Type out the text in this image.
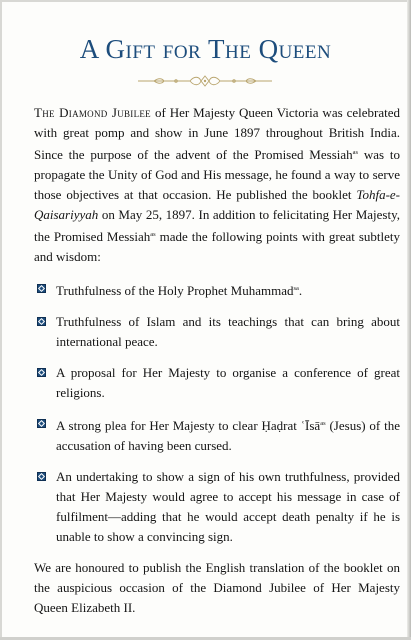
A Gift for The Queen

The Diamond Jubilee of Her Majesty Queen Victoria was celebrated with great pomp and show in June 1897 throughout British India. Since the purpose of the advent of the Promised Messiah$^{as}$ was to propagate the Unity of God and His message, he found a way to serve those objectives at that occasion. He published the booklet Tohfa-e-Qaisariyyah on May 25, 1897. In addition to felicitating Her Majesty, the Promised Messiah$^{as}$ made the following points with great subtlety and wisdom:

Truthfulness of the Holy Prophet Muhammad$^{sa}$.
Truthfulness of Islam and its teachings that can bring about international peace.
A proposal for Her Majesty to organise a conference of great religions.
A strong plea for Her Majesty to clear Ḥaḍrat ʿĪsā$^{as}$ (Jesus) of the accusation of having been cursed.
An undertaking to show a sign of his own truthfulness, provided that Her Majesty would agree to accept his message in case of fulfilment—adding that he would accept death penalty if he is unable to show a convincing sign.

We are honoured to publish the English translation of the booklet on the auspicious occasion of the Diamond Jubilee of Her Majesty Queen Elizabeth II.
